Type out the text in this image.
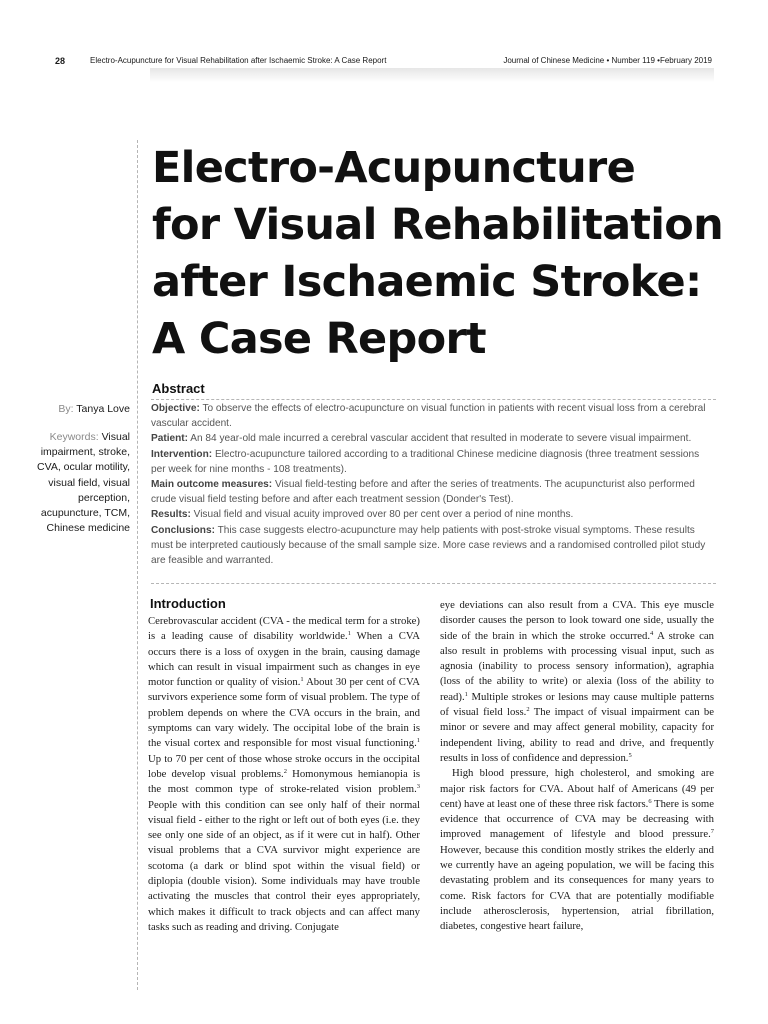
28	Electro-Acupuncture for Visual Rehabilitation after Ischaemic Stroke: A Case Report	Journal of Chinese Medicine • Number 119 •February 2019
Electro-Acupuncture
for Visual Rehabilitation
after Ischaemic Stroke:
A Case Report
By: Tanya Love
Keywords: Visual impairment, stroke, CVA, ocular motility, visual field, visual perception, acupuncture, TCM, Chinese medicine
Abstract

Objective: To observe the effects of electro-acupuncture on visual function in patients with recent visual loss from a cerebral vascular accident.

Patient: An 84 year-old male incurred a cerebral vascular accident that resulted in moderate to severe visual impairment.

Intervention: Electro-acupuncture tailored according to a traditional Chinese medicine diagnosis (three treatment sessions per week for nine months - 108 treatments).

Main outcome measures: Visual field-testing before and after the series of treatments. The acupuncturist also performed crude visual field testing before and after each treatment session (Donder's Test).

Results: Visual field and visual acuity improved over 80 per cent over a period of nine months.

Conclusions: This case suggests electro-acupuncture may help patients with post-stroke visual symptoms. These results must be interpreted cautiously because of the small sample size. More case reviews and a randomised controlled pilot study are feasible and warranted.

Introduction

Cerebrovascular accident (CVA - the medical term for a stroke) is a leading cause of disability worldwide.$^1$ When a CVA occurs there is a loss of oxygen in the brain, causing damage which can result in visual impairment such as changes in eye motor function or quality of vision.$^1$ About 30 per cent of CVA survivors experience some form of visual problem. The type of problem depends on where the CVA occurs in the brain, and symptoms can vary widely. The occipital lobe of the brain is the visual cortex and responsible for most visual functioning.$^1$ Up to 70 per cent of those whose stroke occurs in the occipital lobe develop visual problems.$^2$ Homonymous hemianopia is the most common type of stroke-related vision problem.$^3$ People with this condition can see only half of their normal visual field - either to the right or left out of both eyes (i.e. they see only one side of an object, as if it were cut in half). Other visual problems that a CVA survivor might experience are scotoma (a dark or blind spot within the visual field) or diplopia (double vision). Some individuals may have trouble activating the muscles that control their eyes appropriately, which makes it difficult to track objects and can affect many tasks such as reading and driving. Conjugate

eye deviations can also result from a CVA. This eye muscle disorder causes the person to look toward one side, usually the side of the brain in which the stroke occurred.$^4$ A stroke can also result in problems with processing visual input, such as agnosia (inability to process sensory information), agraphia (loss of the ability to write) or alexia (loss of the ability to read).$^1$ Multiple strokes or lesions may cause multiple patterns of visual field loss.$^2$ The impact of visual impairment can be minor or severe and may affect general mobility, capacity for independent living, ability to read and drive, and frequently results in loss of confidence and depression.$^5$

High blood pressure, high cholesterol, and smoking are major risk factors for CVA. About half of Americans (49 per cent) have at least one of these three risk factors.$^6$ There is some evidence that occurrence of CVA may be decreasing with improved management of lifestyle and blood pressure.$^7$ However, because this condition mostly strikes the elderly and we currently have an ageing population, we will be facing this devastating problem and its consequences for many years to come. Risk factors for CVA that are potentially modifiable include atherosclerosis, hypertension, atrial fibrillation, diabetes, congestive heart failure,
